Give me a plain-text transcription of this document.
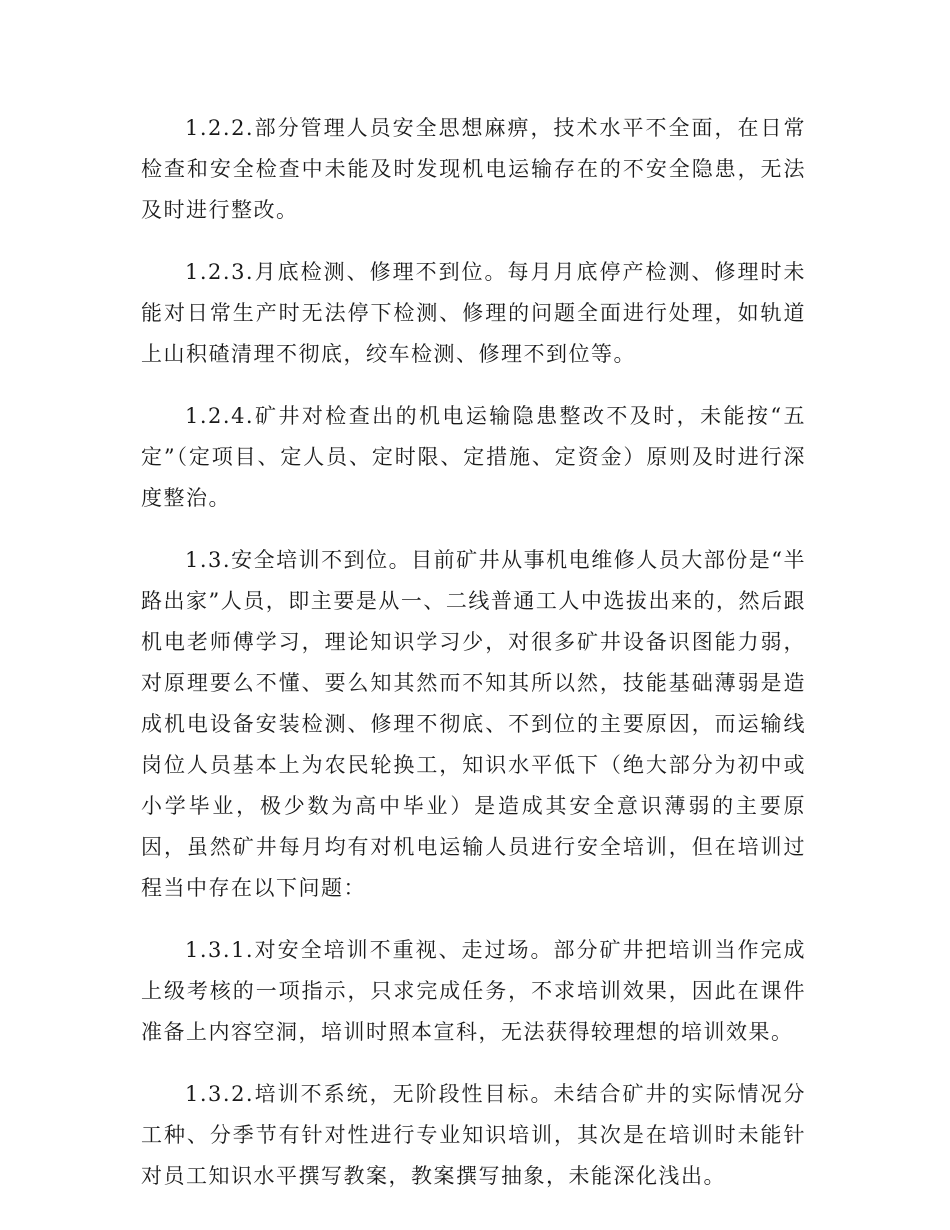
1.2.2.部分管理人员安全思想麻痹，技术水平不全面，在日常检查和安全检查中未能及时发现机电运输存在的不安全隐患，无法及时进行整改。

1.2.3.月底检测、修理不到位。每月月底停产检测、修理时未能对日常生产时无法停下检测、修理的问题全面进行处理，如轨道上山积碴清理不彻底，绞车检测、修理不到位等。

1.2.4.矿井对检查出的机电运输隐患整改不及时，未能按“五定”（定项目、定人员、定时限、定措施、定资金）原则及时进行深度整治。

1.3.安全培训不到位。目前矿井从事机电维修人员大部份是“半路出家”人员，即主要是从一、二线普通工人中选拔出来的，然后跟机电老师傅学习，理论知识学习少，对很多矿井设备识图能力弱，对原理要么不懂、要么知其然而不知其所以然，技能基础薄弱是造成机电设备安装检测、修理不彻底、不到位的主要原因，而运输线岗位人员基本上为农民轮换工，知识水平低下（绝大部分为初中或小学毕业，极少数为高中毕业）是造成其安全意识薄弱的主要原因，虽然矿井每月均有对机电运输人员进行安全培训，但在培训过程当中存在以下问题：

1.3.1.对安全培训不重视、走过场。部分矿井把培训当作完成上级考核的一项指示，只求完成任务，不求培训效果，因此在课件准备上内容空洞，培训时照本宣科，无法获得较理想的培训效果。

1.3.2.培训不系统，无阶段性目标。未结合矿井的实际情况分工种、分季节有针对性进行专业知识培训，其次是在培训时未能针对员工知识水平撰写教案，教案撰写抽象，未能深化浅出。
